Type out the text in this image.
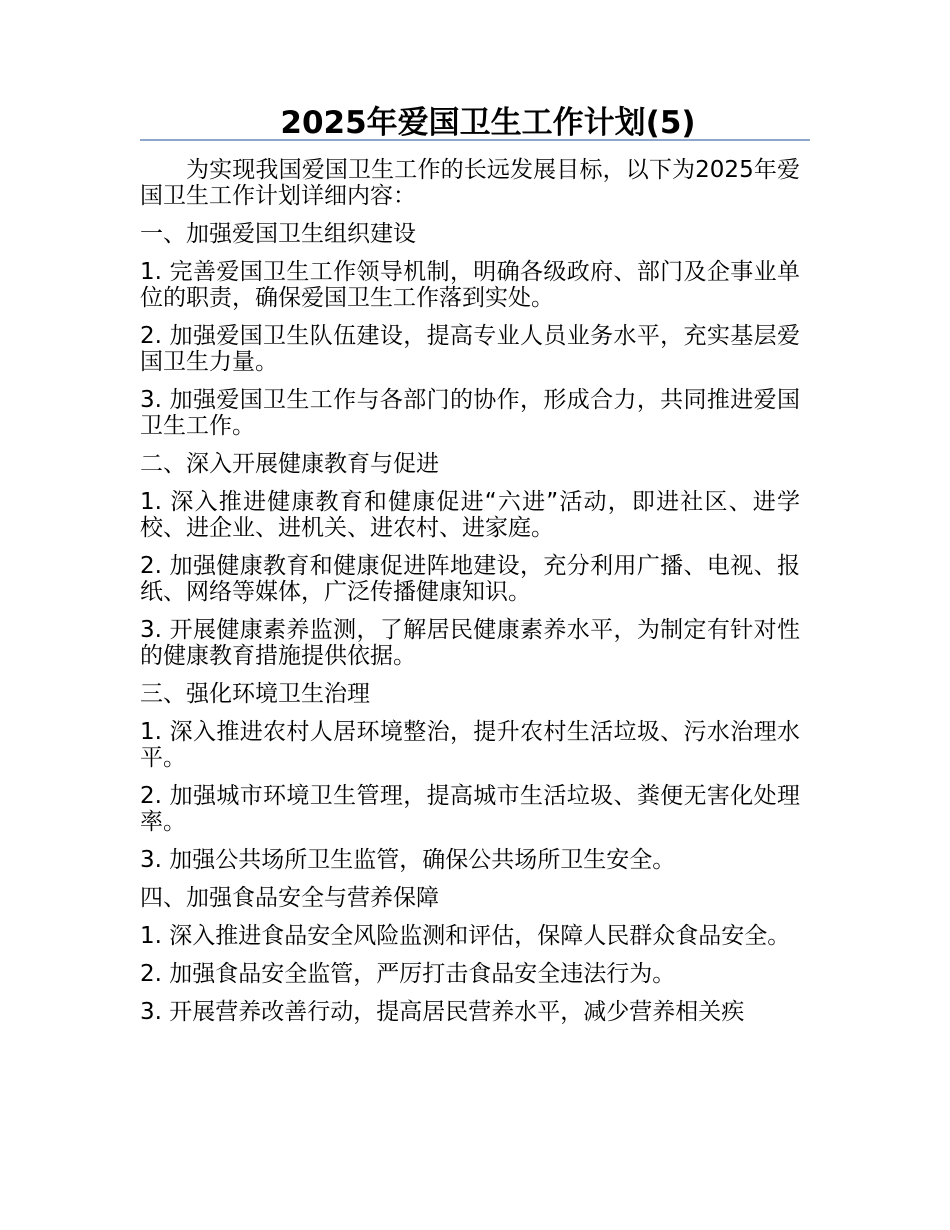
2025年爱国卫生工作计划(5)

为实现我国爱国卫生工作的长远发展目标，以下为2025年爱国卫生工作计划详细内容：

一、加强爱国卫生组织建设

1. 完善爱国卫生工作领导机制，明确各级政府、部门及企事业单位的职责，确保爱国卫生工作落到实处。

2. 加强爱国卫生队伍建设，提高专业人员业务水平，充实基层爱国卫生力量。

3. 加强爱国卫生工作与各部门的协作，形成合力，共同推进爱国卫生工作。

二、深入开展健康教育与促进

1. 深入推进健康教育和健康促进“六进”活动，即进社区、进学校、进企业、进机关、进农村、进家庭。

2. 加强健康教育和健康促进阵地建设，充分利用广播、电视、报纸、网络等媒体，广泛传播健康知识。

3. 开展健康素养监测，了解居民健康素养水平，为制定有针对性的健康教育措施提供依据。

三、强化环境卫生治理

1. 深入推进农村人居环境整治，提升农村生活垃圾、污水治理水平。

2. 加强城市环境卫生管理，提高城市生活垃圾、粪便无害化处理率。

3. 加强公共场所卫生监管，确保公共场所卫生安全。

四、加强食品安全与营养保障

1. 深入推进食品安全风险监测和评估，保障人民群众食品安全。

2. 加强食品安全监管，严厉打击食品安全违法行为。

3. 开展营养改善行动，提高居民营养水平，减少营养相关疾
